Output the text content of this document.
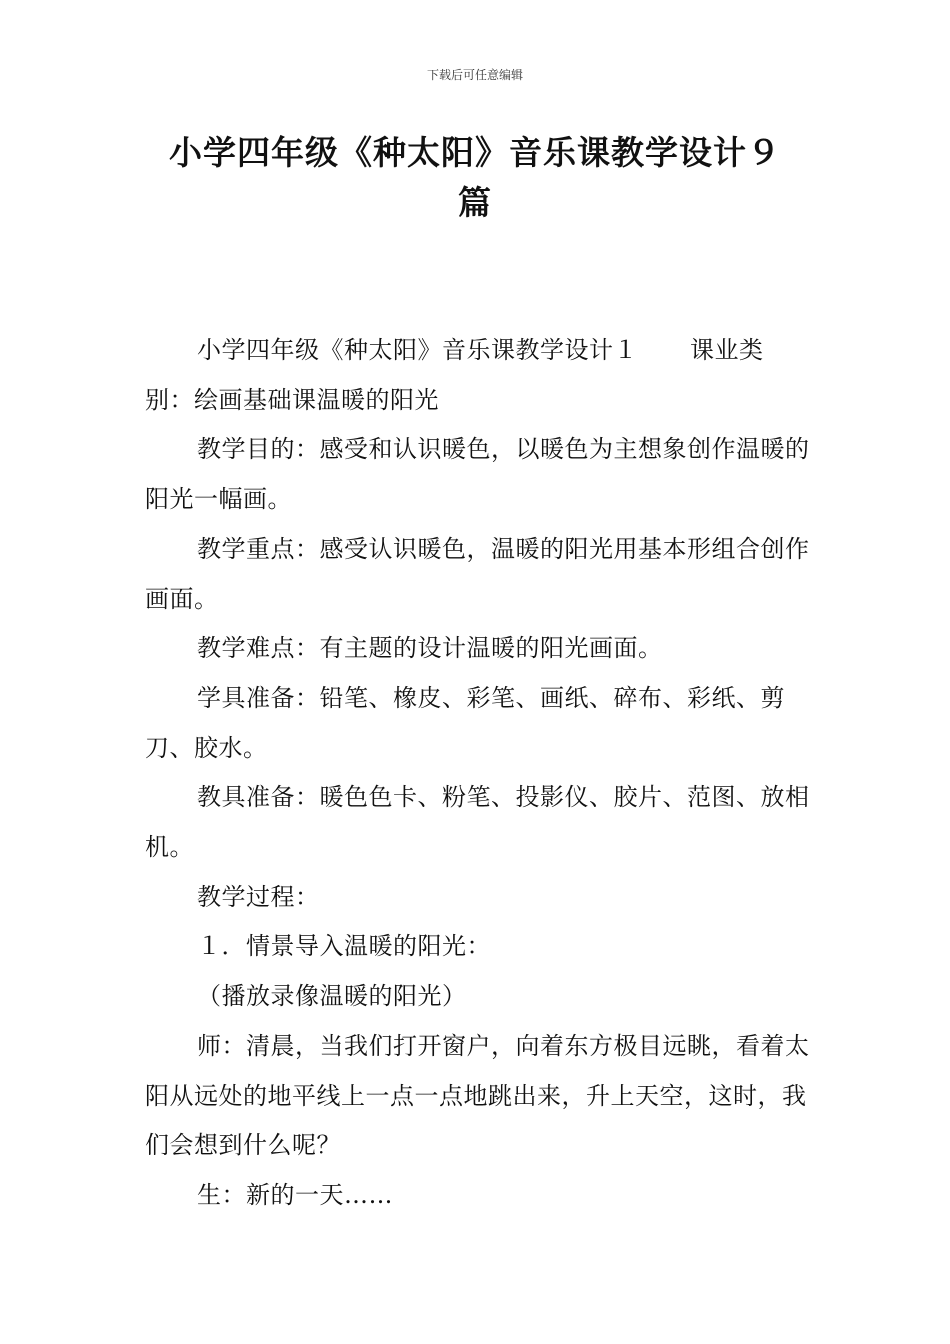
下载后可任意编辑
小学四年级《种太阳》音乐课教学设计９
篇

小学四年级《种太阳》音乐课教学设计１ 课业类别：绘画基础课温暖的阳光

教学目的：感受和认识暖色，以暖色为主想象创作温暖的阳光一幅画。

教学重点：感受认识暖色，温暖的阳光用基本形组合创作画面。

教学难点：有主题的设计温暖的阳光画面。

学具准备：铅笔、橡皮、彩笔、画纸、碎布、彩纸、剪刀、胶水。

教具准备：暖色色卡、粉笔、投影仪、胶片、范图、放相机。

教学过程：

１．情景导入温暖的阳光：

（播放录像温暖的阳光）

师：清晨，当我们打开窗户，向着东方极目远眺，看着太阳从远处的地平线上一点一点地跳出来，升上天空，这时，我们会想到什么呢？

生：新的一天……
